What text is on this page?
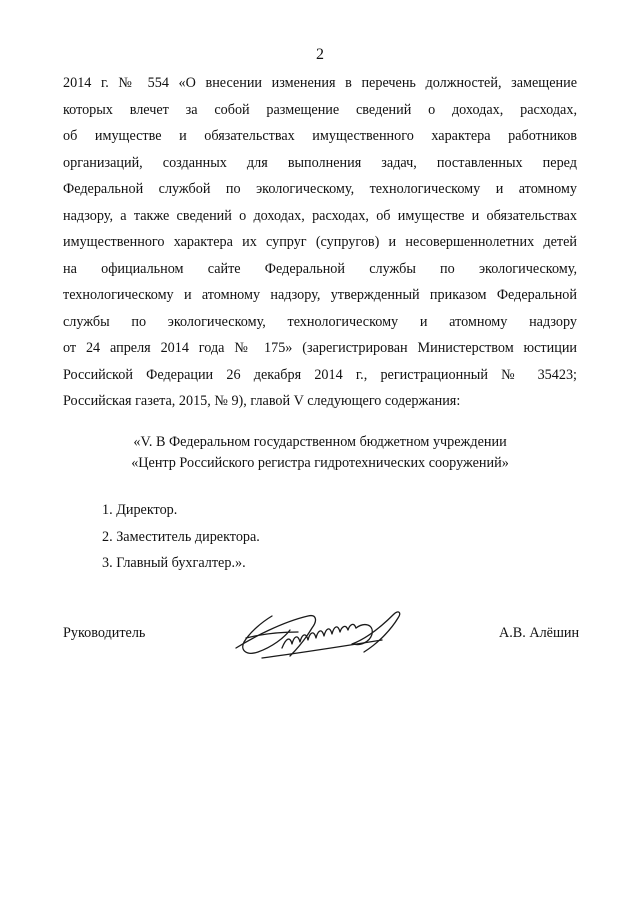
2
2014 г. № 554 «О внесении изменения в перечень должностей, замещение
которых влечет за собой размещение сведений о доходах, расходах,
об имуществе и обязательствах имущественного характера работников
организаций, созданных для выполнения задач, поставленных перед
Федеральной службой по экологическому, технологическому и атомному
надзору, а также сведений о доходах, расходах, об имуществе и обязательствах
имущественного характера их супруг (супругов) и несовершеннолетних детей
на официальном сайте Федеральной службы по экологическому,
технологическому и атомному надзору, утвержденный приказом Федеральной
службы по экологическому, технологическому и атомному надзору
от 24 апреля 2014 года № 175» (зарегистрирован Министерством юстиции
Российской Федерации 26 декабря 2014 г., регистрационный № 35423;
Российская газета, 2015, № 9), главой V следующего содержания:
«V. В Федеральном государственном бюджетном учреждении
«Центр Российского регистра гидротехнических сооружений»
1. Директор.
2. Заместитель директора.
3. Главный бухгалтер.».
Руководитель	А.В. Алёшин
